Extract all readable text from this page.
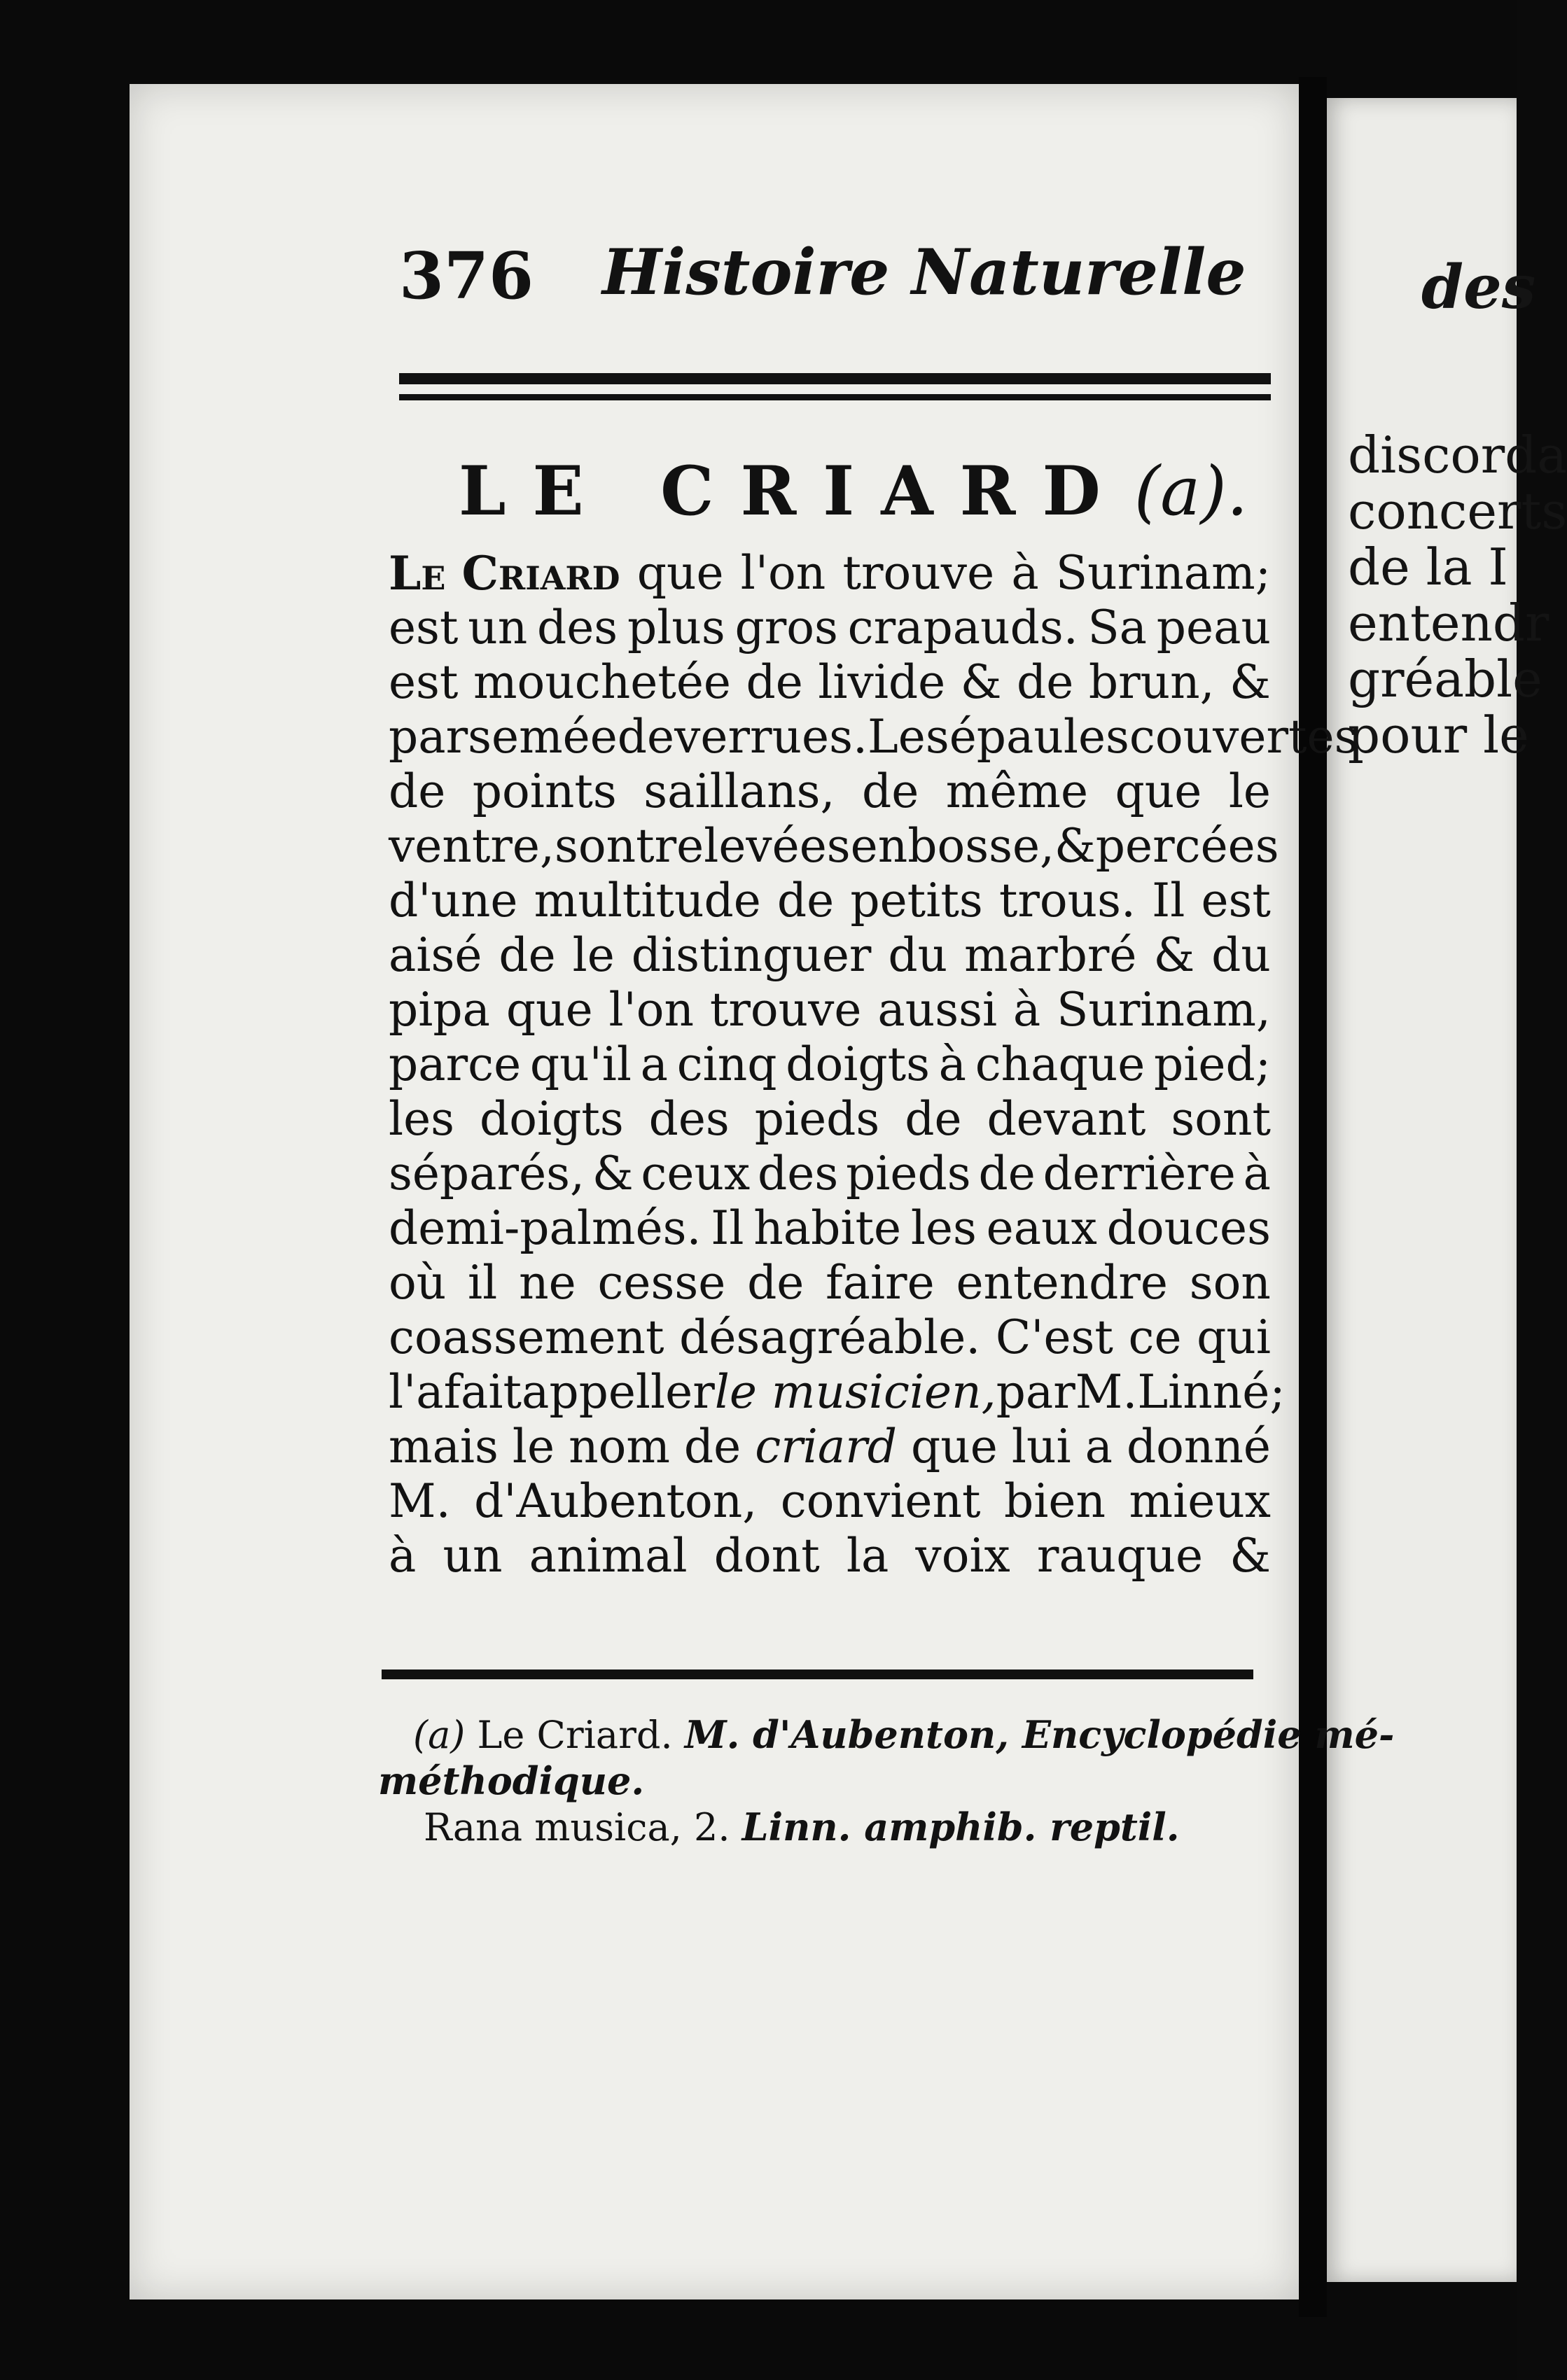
des
discorda
concerts
de la I
entendr
gréable
pour le
376 Histoire Naturelle
LE CRIARD (a).
Le Criard que l'on trouve à Surinam;
est un des plus gros crapauds. Sa peau
est mouchetée de livide & de brun, &
parsemée de verrues. Les épaules couvertes
de points saillans, de même que le
ventre, sont relevées en bosse, & percées
d'une multitude de petits trous. Il est
aisé de le distinguer du marbré & du
pipa que l'on trouve aussi à Surinam,
parce qu'il a cinq doigts à chaque pied;
les doigts des pieds de devant sont
séparés, & ceux des pieds de derrière à
demi-palmés. Il habite les eaux douces
où il ne cesse de faire entendre son
coassement désagréable. C'est ce qui
l'a fait appeller le musicien, par M. Linné;
mais le nom de criard que lui a donné
M. d'Aubenton, convient bien mieux
à un animal dont la voix rauque &
(a) Le Criard. M. d'Aubenton, Encyclopédie mé-
méthodique.
Rana musica, 2. Linn. amphib. reptil.
